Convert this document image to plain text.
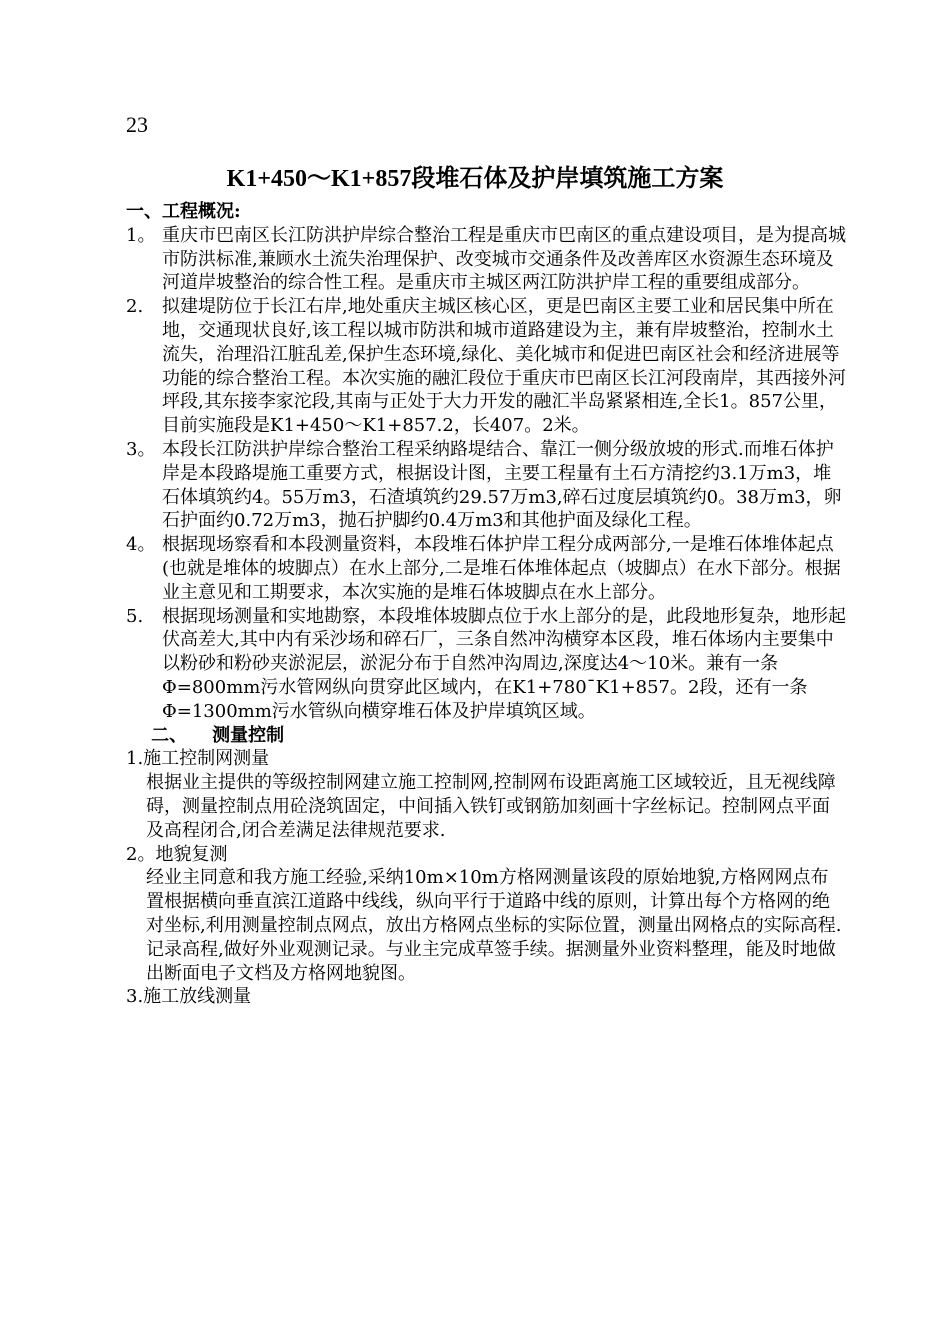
23
K1+450～K1+857段堆石体及护岸填筑施工方案
一、工程概况:
1。 重庆市巴南区长江防洪护岸综合整治工程是重庆市巴南区的重点建设项目，是为提高城市防洪标准,兼顾水土流失治理保护、改变城市交通条件及改善库区水资源生态环境及河道岸坡整治的综合性工程。是重庆市主城区两江防洪护岸工程的重要组成部分。
2. 拟建堤防位于长江右岸,地处重庆主城区核心区，更是巴南区主要工业和居民集中所在地，交通现状良好,该工程以城市防洪和城市道路建设为主，兼有岸坡整治，控制水土流失，治理沿江脏乱差,保护生态环境,绿化、美化城市和促进巴南区社会和经济进展等功能的综合整治工程。本次实施的融汇段位于重庆市巴南区长江河段南岸，其西接外河坪段,其东接李家沱段,其南与正处于大力开发的融汇半岛紧紧相连,全长1。857公里，目前实施段是K1+450～K1+857.2，长407。2米。
3。 本段长江防洪护岸综合整治工程采纳路堤结合、靠江一侧分级放坡的形式.而堆石体护岸是本段路堤施工重要方式，根据设计图，主要工程量有土石方清挖约3.1万m3，堆石体填筑约4。55万m3，石渣填筑约29.57万m3,碎石过度层填筑约0。38万m3，卵石护面约0.72万m3，抛石护脚约0.4万m3和其他护面及绿化工程。
4。 根据现场察看和本段测量资料，本段堆石体护岸工程分成两部分,一是堆石体堆体起点(也就是堆体的坡脚点）在水上部分,二是堆石体堆体起点（坡脚点）在水下部分。根据业主意见和工期要求，本次实施的是堆石体坡脚点在水上部分。
5. 根据现场测量和实地勘察，本段堆体坡脚点位于水上部分的是，此段地形复杂，地形起伏高差大,其中内有采沙场和碎石厂，三条自然冲沟横穿本区段，堆石体场内主要集中以粉砂和粉砂夹淤泥层，淤泥分布于自然冲沟周边,深度达4～10米。兼有一条Φ=800mm污水管网纵向贯穿此区域内，在K1+780¯K1+857。2段，还有一条Φ=1300mm污水管纵向横穿堆石体及护岸填筑区域。
二、    测量控制
1.施工控制网测量
根据业主提供的等级控制网建立施工控制网,控制网布设距离施工区域较近，且无视线障碍，测量控制点用砼浇筑固定，中间插入铁钉或钢筋加刻画十字丝标记。控制网点平面及高程闭合,闭合差满足法律规范要求.
2。地貌复测
经业主同意和我方施工经验,采纳10m×10m方格网测量该段的原始地貌,方格网网点布置根据横向垂直滨江道路中线线，纵向平行于道路中线的原则，计算出每个方格网的绝对坐标,利用测量控制点网点，放出方格网点坐标的实际位置，测量出网格点的实际高程.记录高程,做好外业观测记录。与业主完成草签手续。据测量外业资料整理，能及时地做出断面电子文档及方格网地貌图。
3.施工放线测量
